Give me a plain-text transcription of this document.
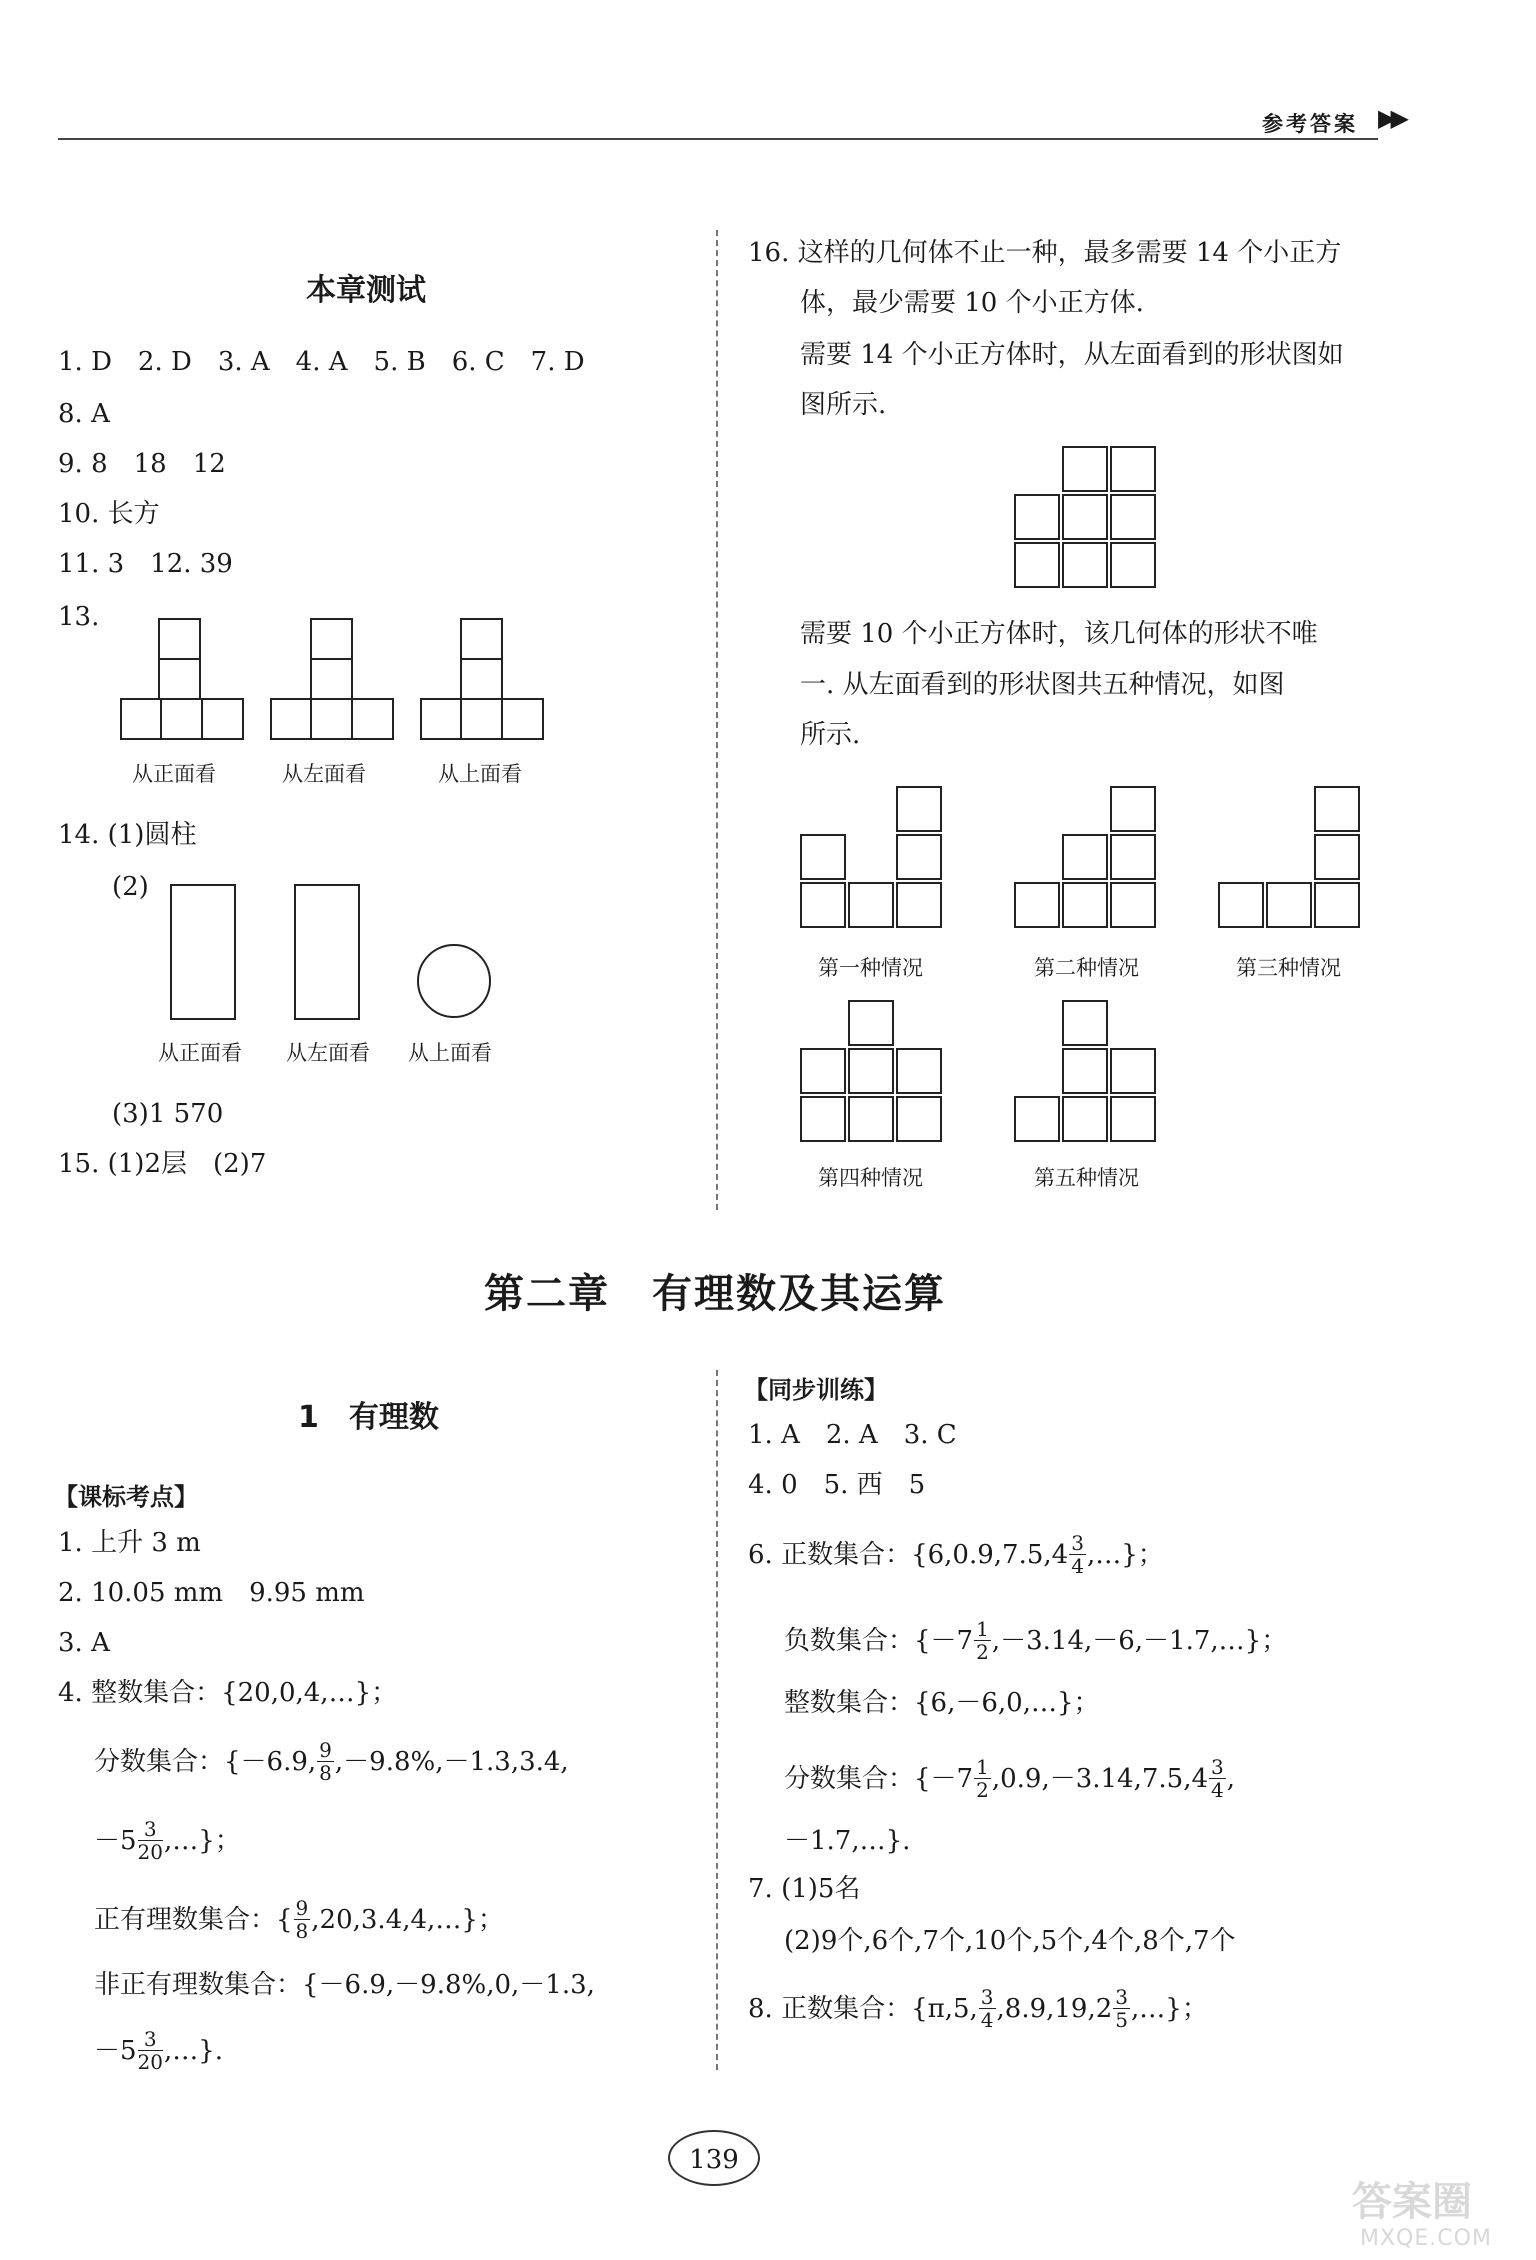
参考答案 ▶▶
本章测试
1. D　2. D　3. A　4. A　5. B　6. C　7. D
8. A
9. 8　18　12
10. 长方
11. 3　12. 39
13.
从正面看	从左面看	从上面看
14. (1)圆柱
(2)
从正面看 从左面看 从上面看
(3)1 570
15. (1)2层　(2)7
16. 这样的几何体不止一种，最多需要 14 个小正方
体，最少需要 10 个小正方体.
需要 14 个小正方体时，从左面看到的形状图如
图所示.
需要 10 个小正方体时，该几何体的形状不唯
一. 从左面看到的形状图共五种情况，如图
所示.
第一种情况	第二种情况	第三种情况
第四种情况	第五种情况
第二章　有理数及其运算
1　有理数
【课标考点】
1. 上升 3 m
2. 10.05 mm　9.95 mm
3. A
4. 整数集合：{20,0,4,…}；
分数集合：{－6.9, $\frac{9}{8} ,-9.8\%,-1.3,3.4$,
$-5 \frac{3}{20}$ ,…}；
正有理数集合：{ $\frac{9}{8}$ ,20,3.4,4,…}；
非正有理数集合：{－6.9,－9.8%,0,－1.3,
$-5 \frac{3}{20}$ ,…}.
【同步训练】
1. A　2. A　3. C
4. 0　5. 西　5
6. 正数集合：{$6,0.9,7.5,4 \frac{3}{4}$ ,…}；
负数集合：{$-7 \frac{1}{2}$ ,－3.14,－6,－1.7,…}；
整数集合：{6,－6,0,…}；
分数集合：{$-7 \frac{1}{2} ,0.9,-3.14,7.5,4 \frac{3}{4}$ ,
－1.7,…}.
7. (1)5名
(2)9个,6个,7个,10个,5个,4个,8个,7个
8. 正数集合：{π,5, $\frac{3}{4} ,8.9,19,2 \frac{3}{5}$ ,…}；
139
答案圈
MXQE.COM
